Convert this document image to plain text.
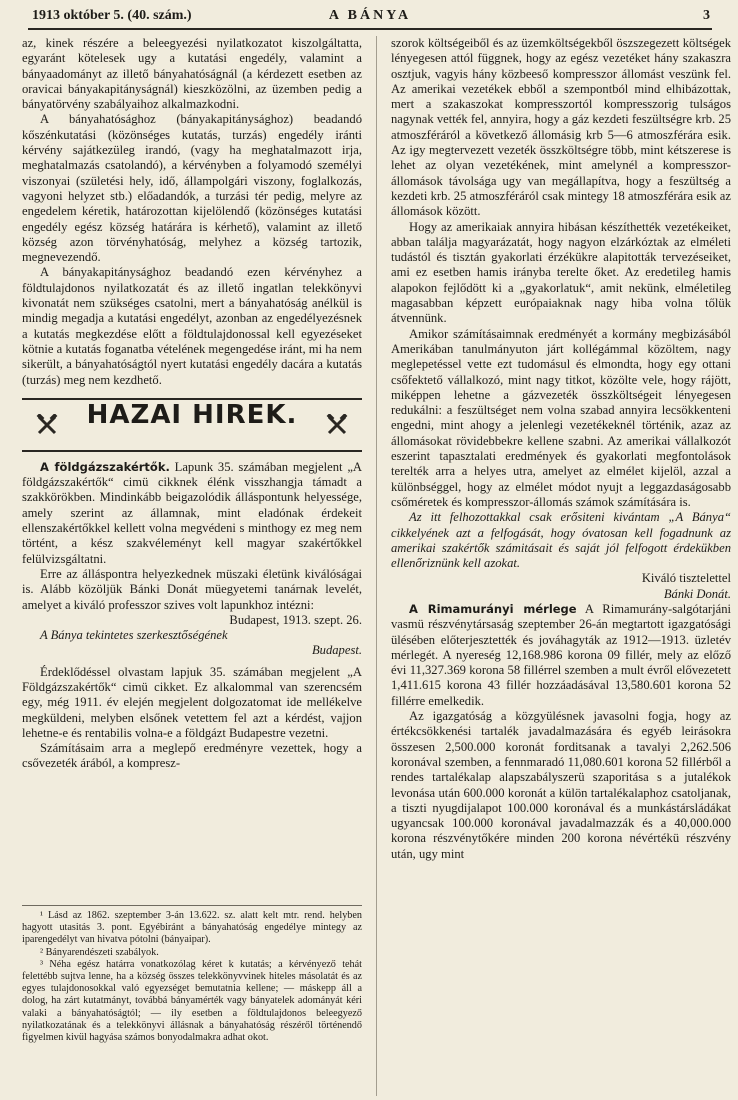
1913 október 5. (40. szám.)	A BÁNYA	3

az, kinek részére a beleegyezési nyilatkozatot kiszolgáltatta, egyaránt kötelesek ugy a kutatási engedély, valamint a bányaadományt az illető bányahatóságnál (a kérdezett esetben az oravicai bányakapitányságnál) kieszközölni, az üzemben pedig a bányatörvény szabályaihoz alkalmazkodni.

A bányahatósághoz (bányakapitánysághoz) beadandó kőszénkutatási (közönséges kutatás, turzás) engedély iránti kérvény sajátkezüleg irandó, (vagy ha meghatalmazott irja, meghatalmazás csatolandó), a kérvényben a folyamodó személyi viszonyai (születési hely, idő, állampolgári viszony, foglalkozás, vagyoni helyzet stb.) előadandók, a turzási tér pedig, melyre az engedelem kéretik, határozottan kijelölendő (közönséges kutatási engedély egész község határára is kérhető), valamint az illető község azon törvényhatóság, melyhez a község tartozik, megnevezendő.

A bányakapitánysághoz beadandó ezen kérvényhez a földtulajdonos nyilatkozatát és az illető ingatlan telekkönyvi kivonatát nem szükséges csatolni, mert a bányahatóság anélkül is mindig megadja a kutatási engedélyt, azonban az engedélyezésnek a kutatás megkezdése előtt a földtulajdonossal kell egyezéseket kötnie a kutatás foganatba vételének megengedése iránt, mi ha nem sikerült, a bányahatóságtól nyert kutatási engedély dacára a kutatás (turzás) meg nem kezdhető.

HAZAI HIREK.

A földgázszakértők. Lapunk 35. számában megjelent „A földgázszakértők“ cimü cikknek élénk visszhangja támadt a szakkörökben. Mindinkább beigazolódik álláspontunk helyessége, amely szerint az államnak, mint eladónak érdekeit ellenszakértőkkel kellett volna megvédeni s minthogy ez meg nem történt, a kész szakvéleményt kell magyar szakértőkkel felülvizsgáltatni.

Erre az álláspontra helyezkednek müszaki életünk kiválóságai is. Alább közöljük Bánki Donát müegyetemi tanárnak levelét, amelyet a kiváló professzor szives volt lapunkhoz intézni:

Budapest, 1913. szept. 26.

A Bánya tekintetes szerkesztőségének

Budapest.

Érdeklődéssel olvastam lapjuk 35. számában megjelent „A Földgázszakértők“ cimü cikket. Ez alkalommal van szerencsém egy, még 1911. év elején megjelent dolgozatomat ide mellékelve megküldeni, melyben elsőnek vetettem fel azt a kérdést, vajjon lehetne-e és rentabilis volna-e a földgázt Budapestre vezetni.

Számításaim arra a meglepő eredményre vezettek, hogy a csővezeték árából, a kompresz-

¹ Lásd az 1862. szeptember 3-án 13.622. sz. alatt kelt mtr. rend. helyben hagyott utasitás 3. pont. Egyébiránt a bányahatóság engedélye mintegy az iparengedélyt van hivatva pótolni (bányaipar).

² Bányarendészeti szabályok.

³ Néha egész határra vonatkozólag kéret k kutatás; a kérvényező tehát felettébb sujtva lenne, ha a község összes telekkönyvvinek hiteles másolatát és az egyes tulajdonosokkal való egyezséget bemutatnia kellene; — máskepp áll a dolog, ha zárt kutatmányt, továbbá bányamérték vagy bányatelek adományát kéri valaki a bányahatóságtól; — ily esetben a földtulajdonos beleegyező nyilatkozatának és a telekkönyvi állásnak a bányahatóság részéről történendő figyelmen kivül hagyása számos bonyodalmakra adhat okot.

szorok költségeiből és az üzemköltségekből öszszegezett költségek lényegesen attól függnek, hogy az egész vezetéket hány szakaszra osztjuk, vagyis hány közbeeső kompresszor állomást veszünk fel. Az amerikai vezetékek ebből a szempontból mind elhibázottak, mert a szakaszokat kompresszortól kompresszorig tulságos nagynak vették fel, annyira, hogy a gáz kezdeti feszültségre krb. 25 atmoszféráról a következő állomásig krb 5—6 atmoszférára esik. Az igy megtervezett vezeték összköltségre több, mint kétszerese is lehet az olyan vezetékének, mint amelynél a kompresszor-állomások távolsága ugy van megállapítva, hogy a feszültség a kezdeti krb. 25 atmoszféráról csak mintegy 18 atmoszférára esik az állomások között.

Hogy az amerikaiak annyira hibásan készíthették vezetékeiket, abban találja magyarázatát, hogy nagyon elzárkóztak az elméleti tudástól és tisztán gyakorlati érzékükre alapitották tervezéseiket, ami ez esetben hamis irányba terelte őket. Az eredetileg hamis alapokon fejlődött ki a „gyakorlatuk“, amit nekünk, elméletileg magasabban képzett európaiaknak nagy hiba volna tőlük átvennünk.

Amikor számításaimnak eredményét a kormány megbizásából Amerikában tanulmányuton járt kollégámmal közöltem, nagy meglepetéssel vette ezt tudomásul és elmondta, hogy egy ottani csőfektető vállalkozó, mint nagy titkot, közölte vele, hogy rájött, miképpen lehetne a gázvezeték összköltségeit lényegesen redukálni: a feszültséget nem volna szabad annyira lecsökkenteni engedni, mint ahogy a jelenlegi vezetékeknél történik, azaz az állomásokat rövidebbekre kellene szabni. Az amerikai vállalkozót eszerint tapasztalati eredmények és gyakorlati megfontolások terelték arra a helyes utra, amelyet az elmélet kijelöl, azzal a különbséggel, hogy az elmélet módot nyujt a leggazdaságosabb csőméretek és kompresszor-állomás számok számítására is.

Az itt felhozottakkal csak erősiteni kivántam „A Bánya“ cikkelyének azt a felfogását, hogy óvatosan kell fogadnunk az amerikai szakértők számitásait és saját jól felfogott érdekükben ellenőriznünk kell azokat.

Kiváló tisztelettel

Bánki Donát.

A Rimamurányi mérlege A Rimamurány-salgótarjáni vasmü részvénytársaság szeptember 26-án megtartott igazgatósági ülésében előterjesztették és jováhagyták az 1912—1913. üzletév mérlegét. A nyereség 12,168.986 korona 09 fillér, mely az előző évi 11,327.369 korona 58 fillérrel szemben a mult évről elővezetett 1,411.615 korona 43 fillér hozzáadásával 13,580.601 korona 52 fillérre emelkedik.

Az igazgatóság a közgyülésnek javasolni fogja, hogy az értékcsökkenési tartalék javadalmazására és egyéb leirásokra összesen 2,500.000 koronát forditsanak a tavalyi 2,262.506 koronával szemben, a fennmaradó 11,080.601 korona 52 fillérből a rendes tartalékalap alapszabályszerü szaporitása s a jutalékok levonása után 600.000 koronát a külön tartalékalaphoz csatoljanak, a tiszti nyugdijalapot 100.000 koronával és a munkástársládákat ugyancsak 100.000 koronával javadalmazzák és a 40,000.000 korona részvénytőkére minden 200 korona névértékü részvény után, ugy mint
